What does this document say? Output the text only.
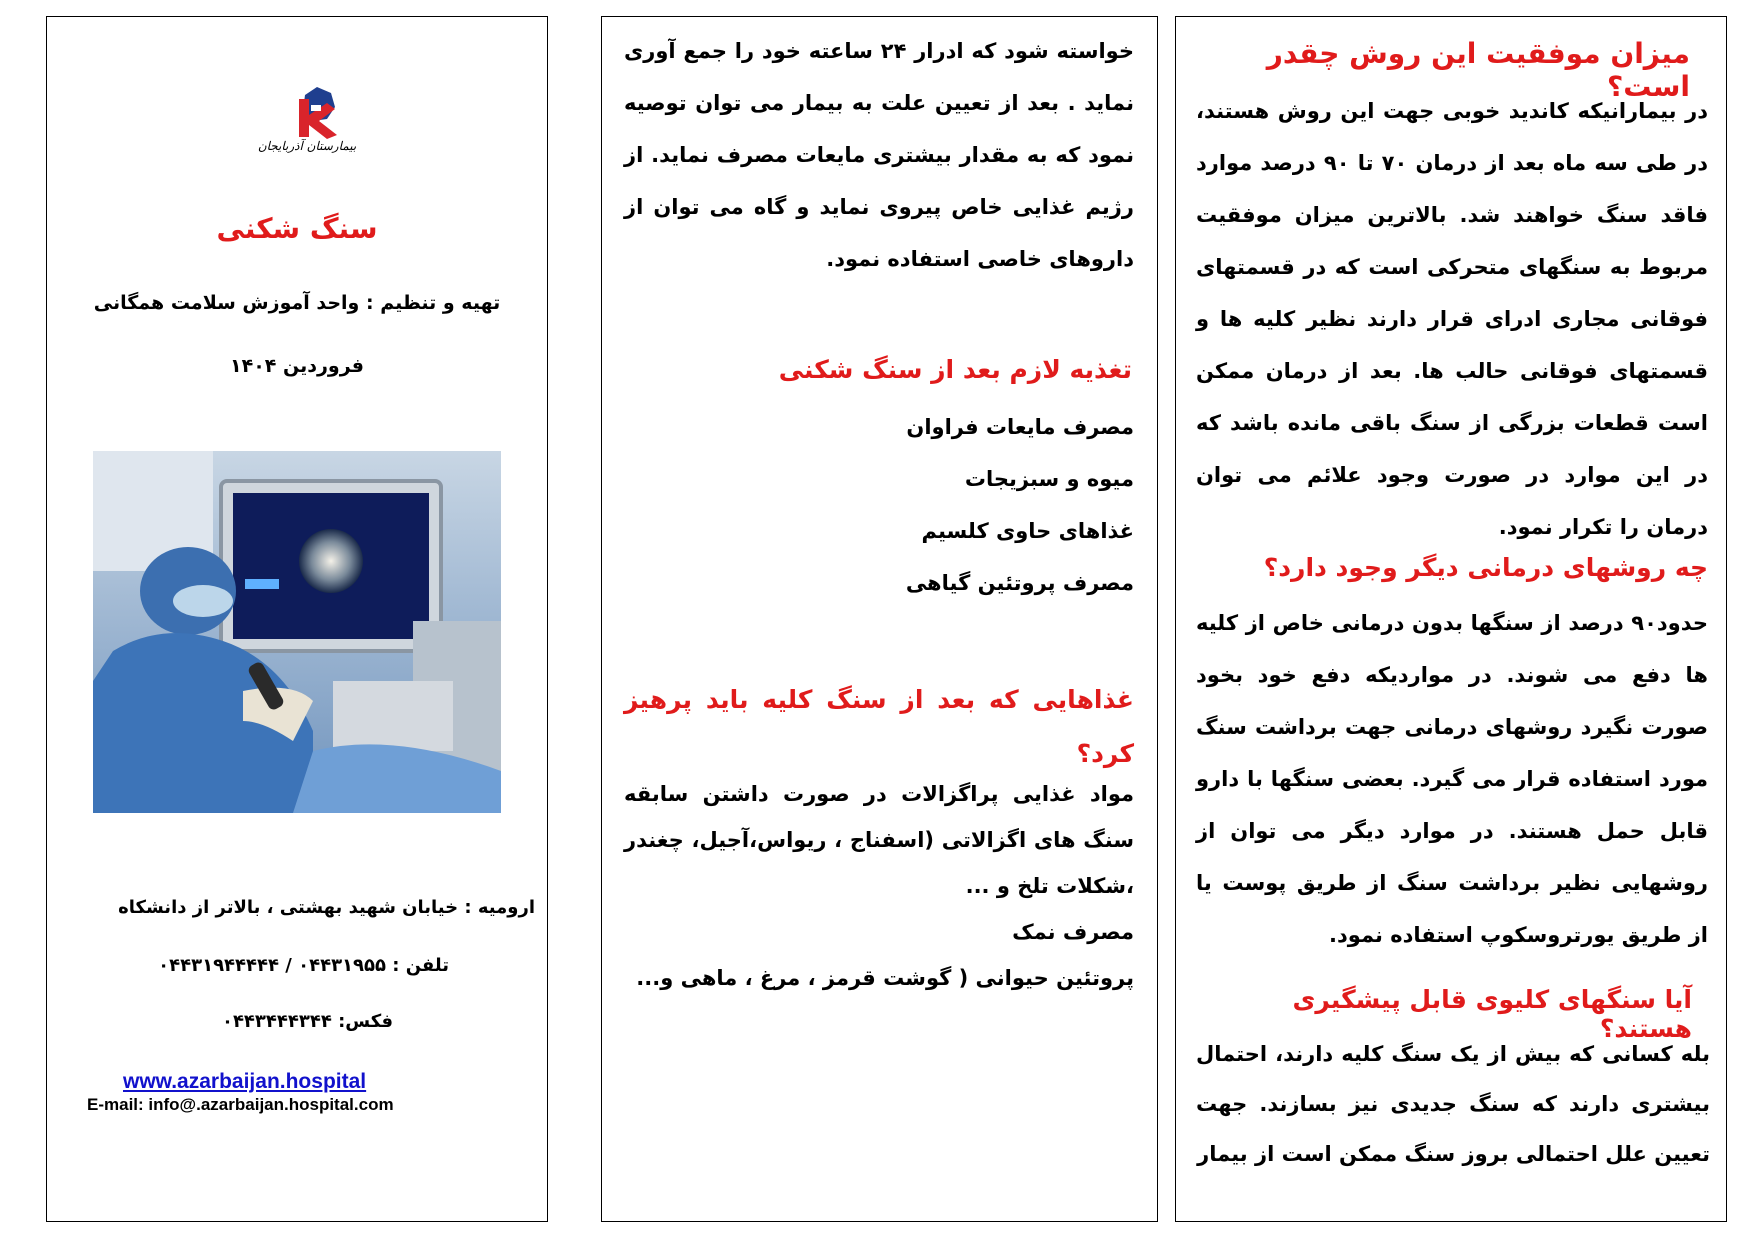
بیمارستان آذربایجان
سنگ شکنی
تهیه و تنظیم : واحد آموزش سلامت همگانی
فروردین ۱۴۰۴
ارومیه : خیابان شهید بهشتی ، بالاتر از دانشکاه
تلفن : ۰۴۴۳۱۹۵۵ / ۰۴۴۳۱۹۴۴۴۴۴
فکس: ۰۴۴۳۴۴۴۳۴۴
www.azarbaijan.hospital
E-mail: info@.azarbaijan.hospital.com

خواسته شود که ادرار ۲۴ ساعته خود را جمع آوری نماید . بعد از تعیین علت به بیمار می توان توصیه نمود که به مقدار بیشتری مایعات مصرف نماید. از رژیم غذایی خاص پیروی نماید و گاه می توان از داروهای خاصی استفاده نمود.

تغذیه لازم بعد از سنگ شکنی

مصرف مایعات فراوان

میوه و سبزیجات

غذاهای حاوی کلسیم

مصرف پروتئین گیاهی

غذاهایی که بعد از سنگ کلیه باید پرهیز کرد؟

مواد غذایی پراگزالات در صورت داشتن سابقه سنگ های اگزالاتی (اسفناج ، ریواس،آجیل، چغندر ،شکلات تلخ و ...

مصرف نمک

پروتئین حیوانی ( گوشت قرمز ، مرغ ، ماهی و...

میزان موفقیت این روش چقدر است؟

در بیمارانیکه کاندید خوبی جهت این روش هستند، در طی سه ماه بعد از درمان ۷۰ تا ۹۰ درصد موارد فاقد سنگ خواهند شد. بالاترین میزان موفقیت مربوط به سنگهای متحرکی است که در قسمتهای فوقانی مجاری ادرای قرار دارند نظیر کلیه ها و قسمتهای فوقانی حالب ها. بعد از درمان ممکن است قطعات بزرگی از سنگ باقی مانده باشد که در این موارد در صورت وجود علائم می توان درمان را تکرار نمود.

چه روشهای درمانی دیگر وجود دارد؟

حدود۹۰ درصد از سنگها بدون درمانی خاص از کلیه ها دفع می شوند. در مواردیکه دفع خود بخود صورت نگیرد روشهای درمانی جهت برداشت سنگ مورد استفاده قرار می گیرد. بعضی سنگها با دارو قابل حمل هستند. در موارد دیگر می توان از روشهایی نظیر برداشت سنگ از طریق پوست یا از طریق یورتروسکوپ استفاده نمود.

آیا سنگهای کلیوی قابل پیشگیری هستند؟

بله کسانی که بیش از یک سنگ کلیه دارند، احتمال بیشتری دارند که سنگ جدیدی نیز بسازند. جهت تعیین علل احتمالی بروز سنگ ممکن است از بیمار
